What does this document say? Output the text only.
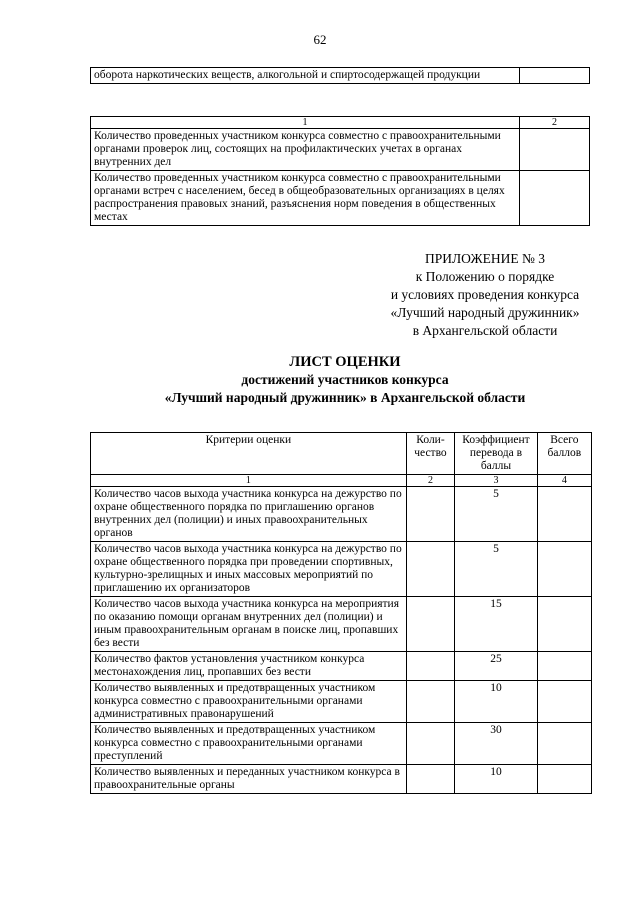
62
оборота наркотических веществ, алкогольной и спиртосодержащей продукции	
1	2
Количество проведенных участником конкурса совместно с правоохранительными органами проверок лиц, состоящих на профилактических учетах в органах внутренних дел	
Количество проведенных участником конкурса совместно с правоохранительными органами встреч с населением, бесед в общеобразовательных организациях в целях распространения правовых знаний, разъяснения норм поведения в общественных местах	
ПРИЛОЖЕНИЕ № 3
к Положению о порядке
и условиях проведения конкурса
«Лучший народный дружинник»
в Архангельской области
ЛИСТ ОЦЕНКИ
достижений участников конкурса
«Лучший народный дружинник» в Архангельской области
Критерии оценки	Коли-чество	Коэффициент перевода в баллы	Всего баллов
1	2	3	4
Количество часов выхода участника конкурса на дежурство по охране общественного порядка по приглашению органов внутренних дел (полиции) и иных правоохранительных органов		5	
Количество часов выхода участника конкурса на дежурство по охране общественного порядка при проведении спортивных, культурно-зрелищных и иных массовых мероприятий по приглашению их организаторов		5	
Количество часов выхода участника конкурса на мероприятия по оказанию помощи органам внутренних дел (полиции) и иным правоохранительным органам в поиске лиц, пропавших без вести		15	
Количество фактов установления участником конкурса местонахождения лиц, пропавших без вести		25	
Количество выявленных и предотвращенных участником конкурса совместно с правоохранительными органами административных правонарушений		10	
Количество выявленных и предотвращенных участником конкурса совместно с правоохранительными органами преступлений		30	
Количество выявленных и переданных участником конкурса в правоохранительные органы		10	
